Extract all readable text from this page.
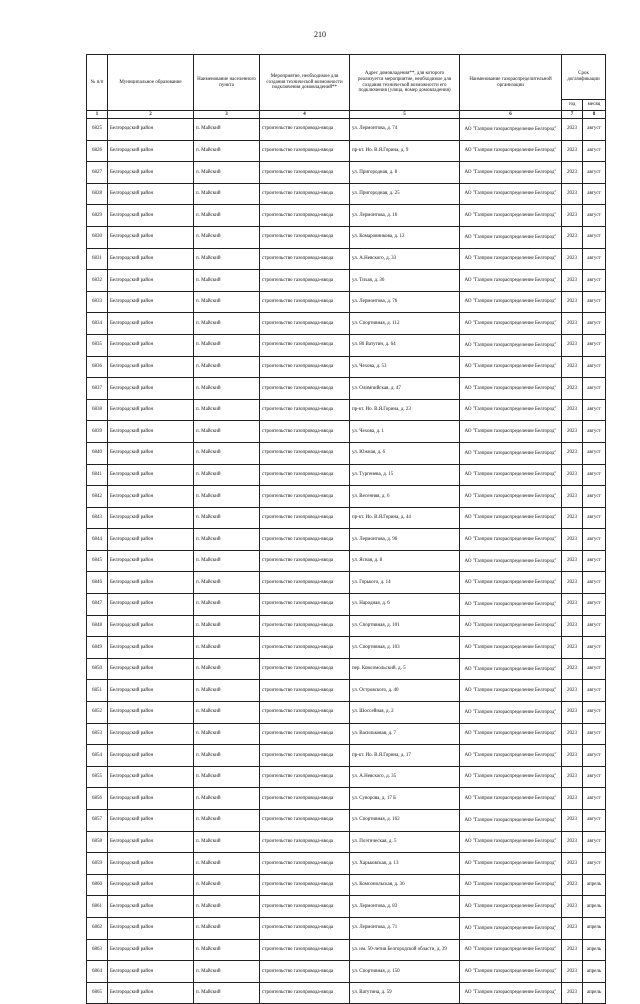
210
№ п/п	Муниципальное образование	Наименование населенного пункта	Мероприятие, необходимое для создания технической возможности подключения домовладений**	Адрес домовладения**, для которого реализуется мероприятие, необходимое для создания технической возможности его подключения (улица, номер домовладения)	Наименование газораспределительной организации	Срок догазификации	
						год	месяц
1	2	3	4	5	6	7	8
6825	Белгородский район	п. Майский	строительство газопровода-ввода	ул. Лермонтова, д. 74	АО "Газпром газораспределение Белгород"	2023	август
6826	Белгородский район	п. Майский	строительство газопровода-ввода	пр-кт. Ио. В.Я.Горина, д. 9	АО "Газпром газораспределение Белгород"	2023	август
6827	Белгородский район	п. Майский	строительство газопровода-ввода	ул. Пригородная, д. 8	АО "Газпром газораспределение Белгород"	2023	август
6828	Белгородский район	п. Майский	строительство газопровода-ввода	ул. Пригородная, д. 25	АО "Газпром газораспределение Белгород"	2023	август
6829	Белгородский район	п. Майский	строительство газопровода-ввода	ул. Лермонтова, д. 16	АО "Газпром газораспределение Белгород"	2023	август
6830	Белгородский район	п. Майский	строительство газопровода-ввода	ул. Комаровникова, д. 12	АО "Газпром газораспределение Белгород"	2023	август
6831	Белгородский район	п. Майский	строительство газопровода-ввода	ул. А.Невского, д. 33	АО "Газпром газораспределение Белгород"	2023	август
6832	Белгородский район	п. Майский	строительство газопровода-ввода	ул. Тихая, д. 36	АО "Газпром газораспределение Белгород"	2023	август
6833	Белгородский район	п. Майский	строительство газопровода-ввода	ул. Лермонтова, д. 76	АО "Газпром газораспределение Белгород"	2023	август
6834	Белгородский район	п. Майский	строительство газопровода-ввода	ул. Спортивная, д. 112	АО "Газпром газораспределение Белгород"	2023	август
6835	Белгородский район	п. Майский	строительство газопровода-ввода	ул. 80 Ватутин, д. 64	АО "Газпром газораспределение Белгород"	2023	август
6836	Белгородский район	п. Майский	строительство газопровода-ввода	ул. Чехова, д. 53	АО "Газпром газораспределение Белгород"	2023	август
6837	Белгородский район	п. Майский	строительство газопровода-ввода	ул. Олимпийская, д. 47	АО "Газпром газораспределение Белгород"	2023	август
6838	Белгородский район	п. Майский	строительство газопровода-ввода	пр-кт. Ио. В.Я.Горина, д. 23	АО "Газпром газораспределение Белгород"	2023	август
6839	Белгородский район	п. Майский	строительство газопровода-ввода	ул. Чехова, д. 1	АО "Газпром газораспределение Белгород"	2023	август
6840	Белгородский район	п. Майский	строительство газопровода-ввода	ул. Южная, д. 6	АО "Газпром газораспределение Белгород"	2023	август
6841	Белгородский район	п. Майский	строительство газопровода-ввода	ул. Тургенева, д. 15	АО "Газпром газораспределение Белгород"	2023	август
6842	Белгородский район	п. Майский	строительство газопровода-ввода	ул. Весенняя, д. 6	АО "Газпром газораспределение Белгород"	2023	август
6843	Белгородский район	п. Майский	строительство газопровода-ввода	пр-кт. Ио. В.Я.Горина, д. 44	АО "Газпром газораспределение Белгород"	2023	август
6844	Белгородский район	п. Майский	строительство газопровода-ввода	ул. Лермонтова, д. 96	АО "Газпром газораспределение Белгород"	2023	август
6845	Белгородский район	п. Майский	строительство газопровода-ввода	ул. Ясная, д. 8	АО "Газпром газораспределение Белгород"	2023	август
6846	Белгородский район	п. Майский	строительство газопровода-ввода	ул. Горького, д. 14	АО "Газпром газораспределение Белгород"	2023	август
6847	Белгородский район	п. Майский	строительство газопровода-ввода	ул. Народная, д. 6	АО "Газпром газораспределение Белгород"	2023	август
6848	Белгородский район	п. Майский	строительство газопровода-ввода	ул. Спортивная, д. 101	АО "Газпром газораспределение Белгород"	2023	август
6849	Белгородский район	п. Майский	строительство газопровода-ввода	ул. Спортивная, д. 103	АО "Газпром газораспределение Белгород"	2023	август
6850	Белгородский район	п. Майский	строительство газопровода-ввода	пер. Комсомольский, д. 5	АО "Газпром газораспределение Белгород"	2023	август
6851	Белгородский район	п. Майский	строительство газопровода-ввода	ул. Островского, д. 40	АО "Газпром газораспределение Белгород"	2023	август
6852	Белгородский район	п. Майский	строительство газопровода-ввода	ул. Шоссейная, д. 2	АО "Газпром газораспределение Белгород"	2023	август
6853	Белгородский район	п. Майский	строительство газопровода-ввода	ул. Васильковая, д. 7	АО "Газпром газораспределение Белгород"	2023	август
6854	Белгородский район	п. Майский	строительство газопровода-ввода	пр-кт. Ио. В.Я.Горина, д. 17	АО "Газпром газораспределение Белгород"	2023	август
6855	Белгородский район	п. Майский	строительство газопровода-ввода	ул. А.Невского, д. 35	АО "Газпром газораспределение Белгород"	2023	август
6856	Белгородский район	п. Майский	строительство газопровода-ввода	ул. Суворова, д. 17 Б	АО "Газпром газораспределение Белгород"	2023	август
6857	Белгородский район	п. Майский	строительство газопровода-ввода	ул. Спортивная, д. 162	АО "Газпром газораспределение Белгород"	2023	август
6858	Белгородский район	п. Майский	строительство газопровода-ввода	ул. Поэтическая, д. 5	АО "Газпром газораспределение Белгород"	2023	август
6859	Белгородский район	п. Майский	строительство газопровода-ввода	ул. Харьковская, д. 13	АО "Газпром газораспределение Белгород"	2023	август
6860	Белгородский район	п. Майский	строительство газопровода-ввода	ул. Комсомольская, д. 36	АО "Газпром газораспределение Белгород"	2023	апрель
6861	Белгородский район	п. Майский	строительство газопровода-ввода	ул. Лермонтова, д. 83	АО "Газпром газораспределение Белгород"	2023	апрель
6862	Белгородский район	п. Майский	строительство газопровода-ввода	ул. Лермонтова, д. 71	АО "Газпром газораспределение Белгород"	2023	апрель
6863	Белгородский район	п. Майский	строительство газопровода-ввода	ул. им. 50-летия Белгородской области, д. 39	АО "Газпром газораспределение Белгород"	2023	апрель
6864	Белгородский район	п. Майский	строительство газопровода-ввода	ул. Спортивная, д. 150	АО "Газпром газораспределение Белгород"	2023	апрель
6865	Белгородский район	п. Майский	строительство газопровода-ввода	ул. Ватутина, д. 59	АО "Газпром газораспределение Белгород"	2023	апрель
